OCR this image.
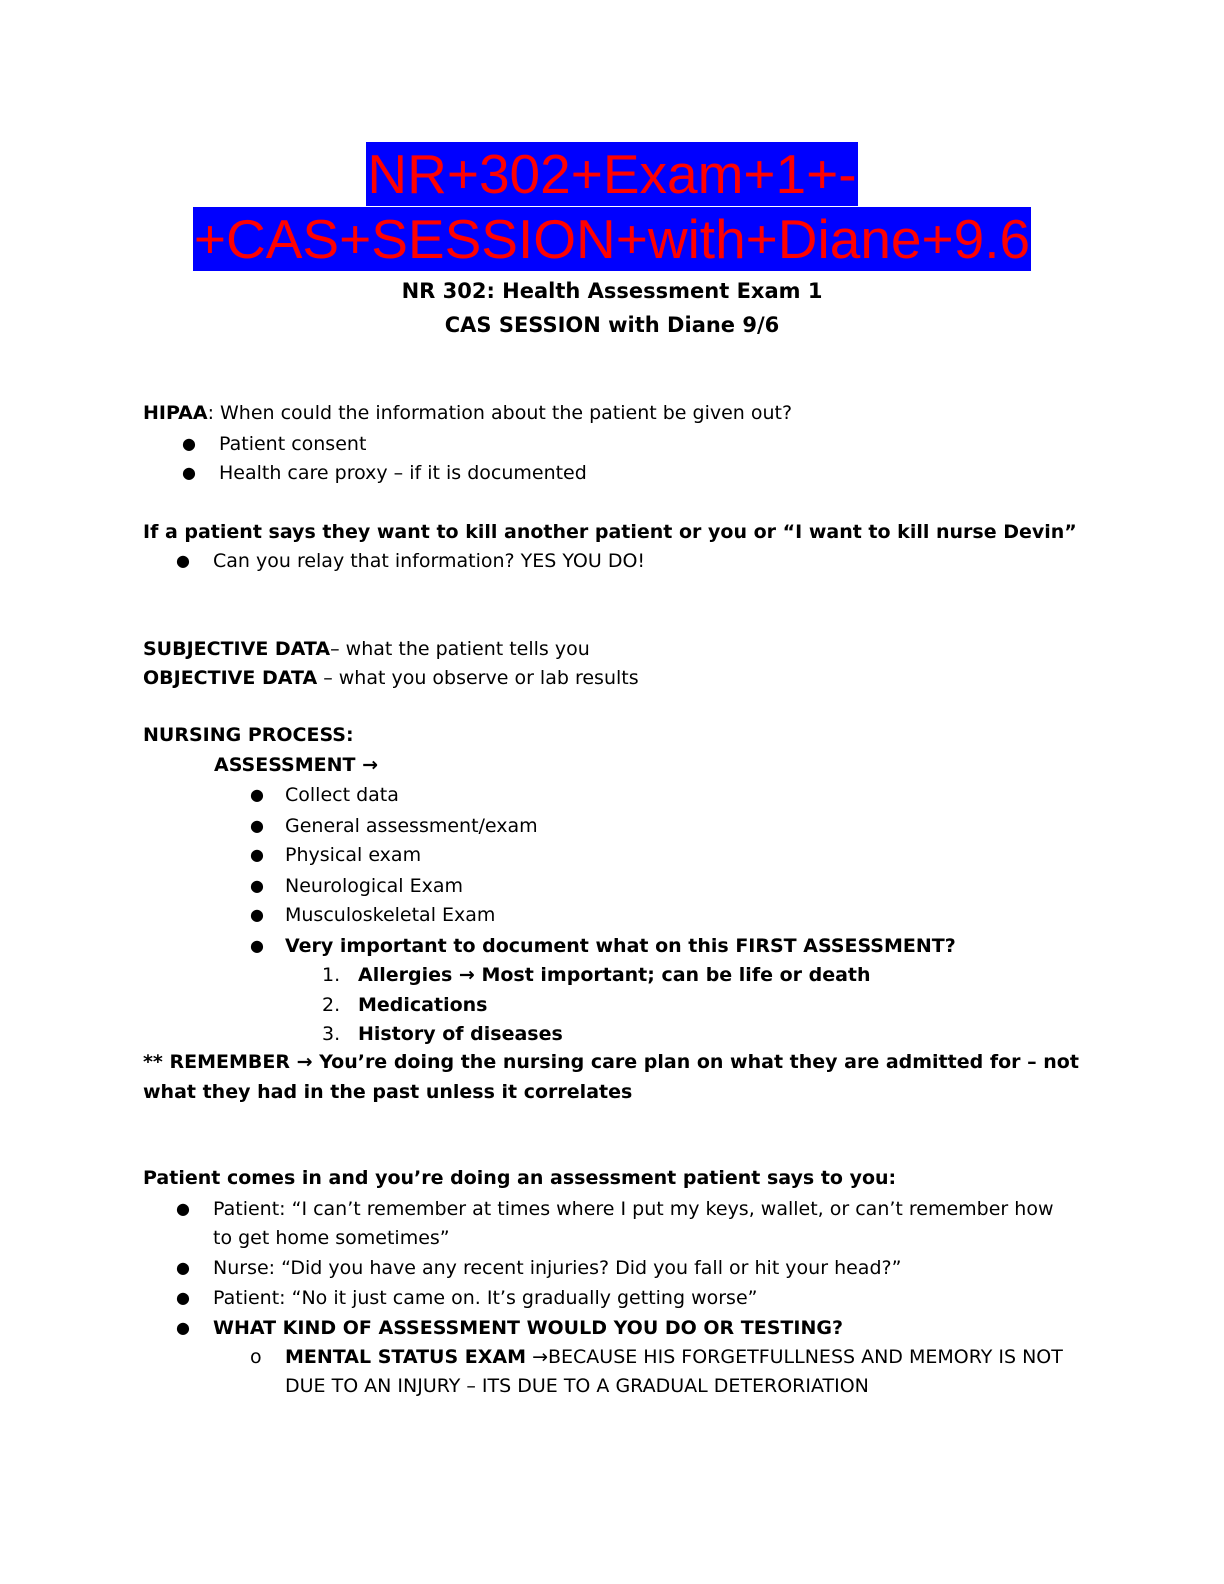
NR+302+Exam+1+-
+CAS+SESSION+with+Diane+9.6
NR 302: Health Assessment Exam 1
CAS SESSION with Diane 9/6
HIPAA: When could the information about the patient be given out?
● Patient consent
● Health care proxy – if it is documented
If a patient says they want to kill another patient or you or “I want to kill nurse Devin”
● Can you relay that information? YES YOU DO!
SUBJECTIVE DATA– what the patient tells you
OBJECTIVE DATA – what you observe or lab results
NURSING PROCESS:
ASSESSMENT →
● Collect data
● General assessment/exam
● Physical exam
● Neurological Exam
● Musculoskeletal Exam
● Very important to document what on this FIRST ASSESSMENT?
1. Allergies → Most important; can be life or death
2. Medications
3. History of diseases
** REMEMBER → You’re doing the nursing care plan on what they are admitted for – not
what they had in the past unless it correlates
Patient comes in and you’re doing an assessment patient says to you:
● Patient: “I can’t remember at times where I put my keys, wallet, or can’t remember how
to get home sometimes”
● Nurse: “Did you have any recent injuries? Did you fall or hit your head?”
● Patient: “No it just came on. It’s gradually getting worse”
● WHAT KIND OF ASSESSMENT WOULD YOU DO OR TESTING?
o MENTAL STATUS EXAM →BECAUSE HIS FORGETFULLNESS AND MEMORY IS NOT
DUE TO AN INJURY – ITS DUE TO A GRADUAL DETERORIATION
